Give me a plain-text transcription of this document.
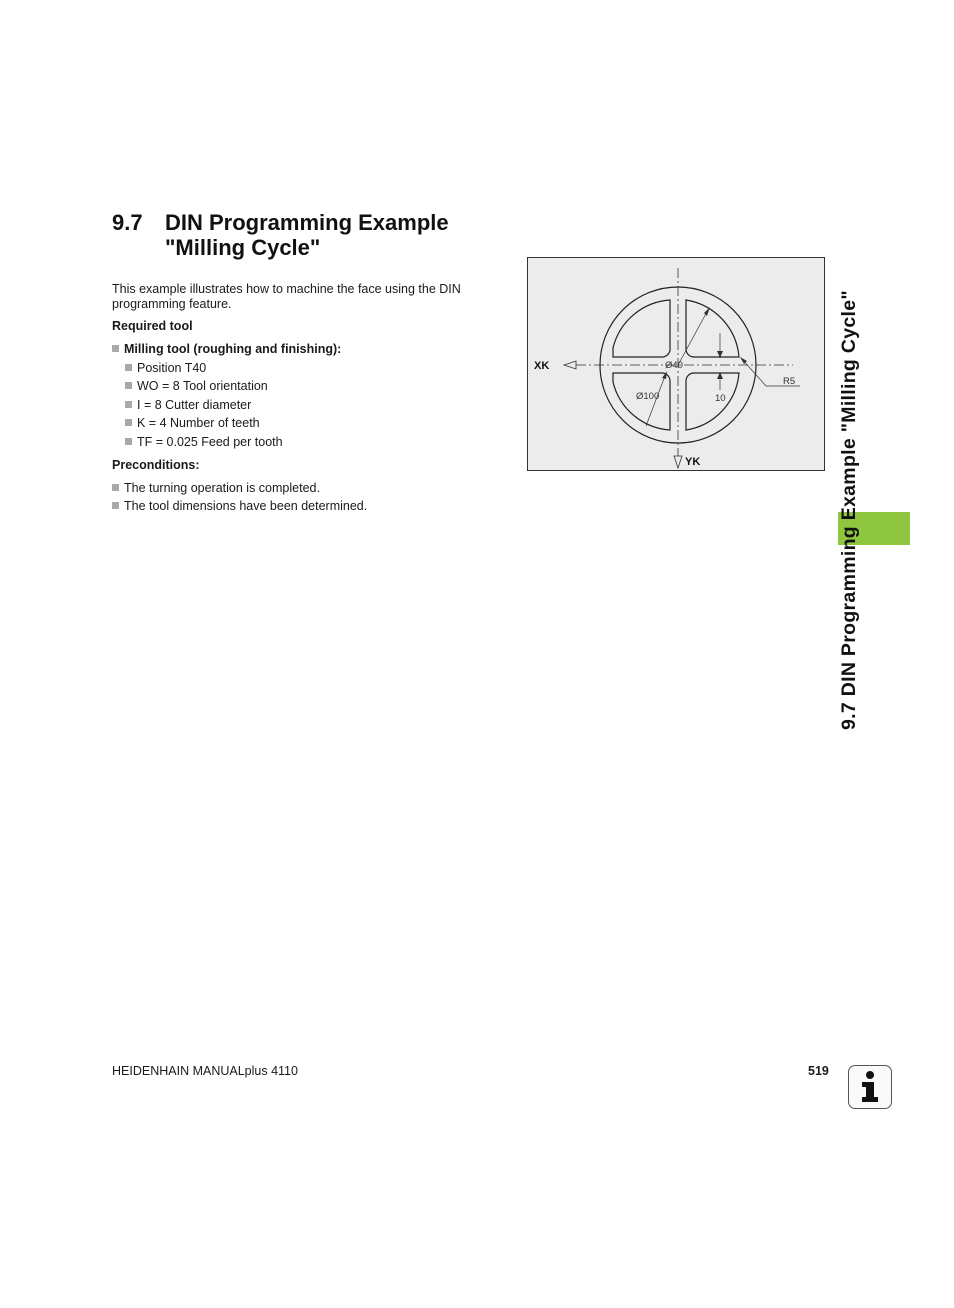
9.7 DIN Programming Example
"Milling Cycle"

This example illustrates how to machine the face using the DIN programming feature.

Required tool

Milling tool (roughing and finishing):

Position T40

WO = 8 Tool orientation

I = 8 Cutter diameter

K = 4 Number of teeth

TF = 0.025 Feed per tooth

Preconditions:

The turning operation is completed.

The tool dimensions have been determined.

XK
YK
Ø40
Ø100	10
R5 9.7 DIN Programming Example "Milling Cycle"
HEIDENHAIN MANUALplus 4110	519
